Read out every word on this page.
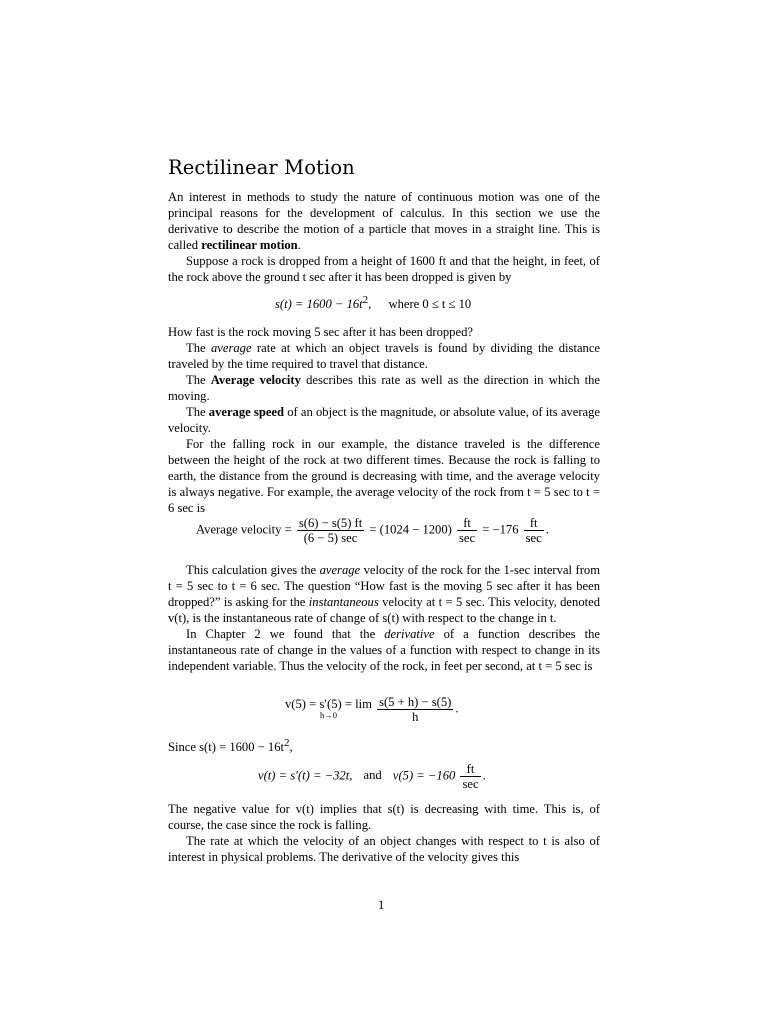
Rectilinear Motion

An interest in methods to study the nature of continuous motion was one of the principal reasons for the development of calculus. In this section we use the derivative to describe the motion of a particle that moves in a straight line. This is called rectilinear motion.

Suppose a rock is dropped from a height of 1600 ft and that the height, in feet, of the rock above the ground t sec after it has been dropped is given by

$s(t) = 1600 - 16t^2$, where 0 ≤ t ≤ 10

How fast is the rock moving 5 sec after it has been dropped?

The average rate at which an object travels is found by dividing the distance traveled by the time required to travel that distance.

The Average velocity describes this rate as well as the direction in which the moving.

The average speed of an object is the magnitude, or absolute value, of its average velocity.

For the falling rock in our example, the distance traveled is the difference between the height of the rock at two different times. Because the rock is falling to earth, the distance from the ground is decreasing with time, and the average velocity is always negative. For example, the average velocity of the rock from t = 5 sec to t = 6 sec is

Average velocity = $\frac{s(6) - s(5) ft}{(6 - 5) \sec} = (1024 - 1200) \frac{ft}{\sec} = -176 \frac{ft}{\sec}$ .

This calculation gives the average velocity of the rock for the 1-sec interval from t = 5 sec to t = 6 sec. The question “How fast is the moving 5 sec after it has been dropped?” is asking for the instantaneous velocity at t = 5 sec. This velocity, denoted v(t), is the instantaneous rate of change of s(t) with respect to the change in t.

In Chapter 2 we found that the derivative of a function describes the instantaneous rate of change in the values of a function with respect to change in its independent variable. Thus the velocity of the rock, in feet per second, at t = 5 sec is

v(5) = s′(5) = lim
h→0
	$\frac{s(5 + h) - s(5)}{h}$ .

Since $s(t) = 1600 - 16t^2$,

v(t) = s′(t) = −32t, and $v(5) = -160 \frac{ft}{\sec}$ .

The negative value for v(t) implies that s(t) is decreasing with time. This is, of course, the case since the rock is falling.

The rate at which the velocity of an object changes with respect to t is also of interest in physical problems. The derivative of the velocity gives this

1
